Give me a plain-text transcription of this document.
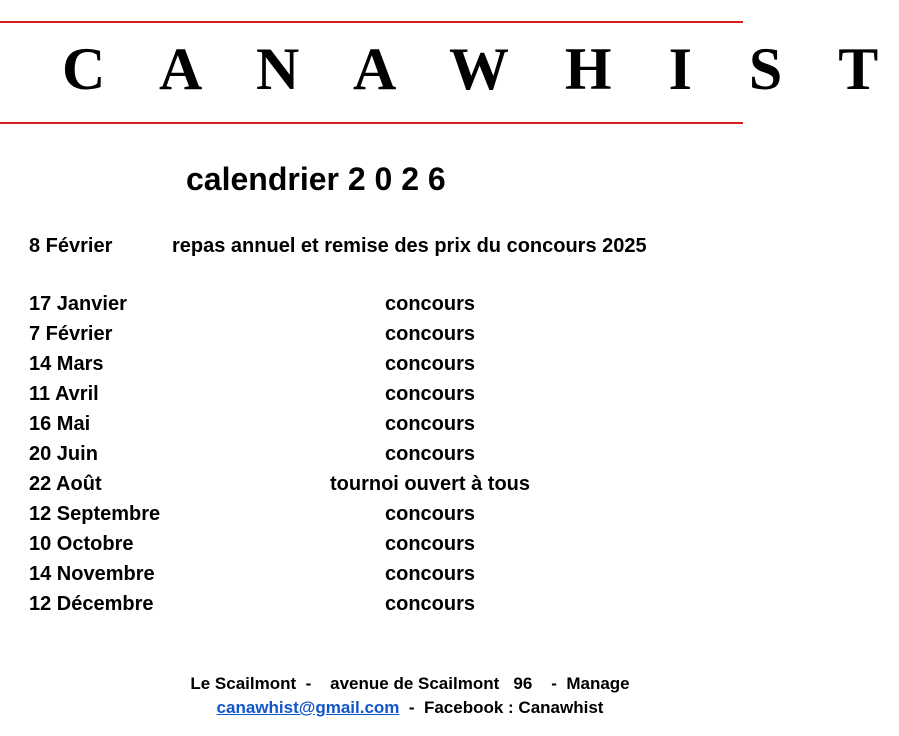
C A N A W H I S T
calendrier 2 0 2 6
8 Février	repas annuel et remise des prix du concours 2025
17 Janvier	concours
7 Février	concours
14 Mars	concours
11 Avril	concours
16 Mai	concours
20 Juin	concours
22 Août	tournoi ouvert à tous
12 Septembre	concours
10 Octobre	concours
14 Novembre	concours
12 Décembre	concours
Le Scailmont  -    avenue de Scailmont   96    -  Manage
canawhist@gmail.com  -  Facebook : Canawhist
